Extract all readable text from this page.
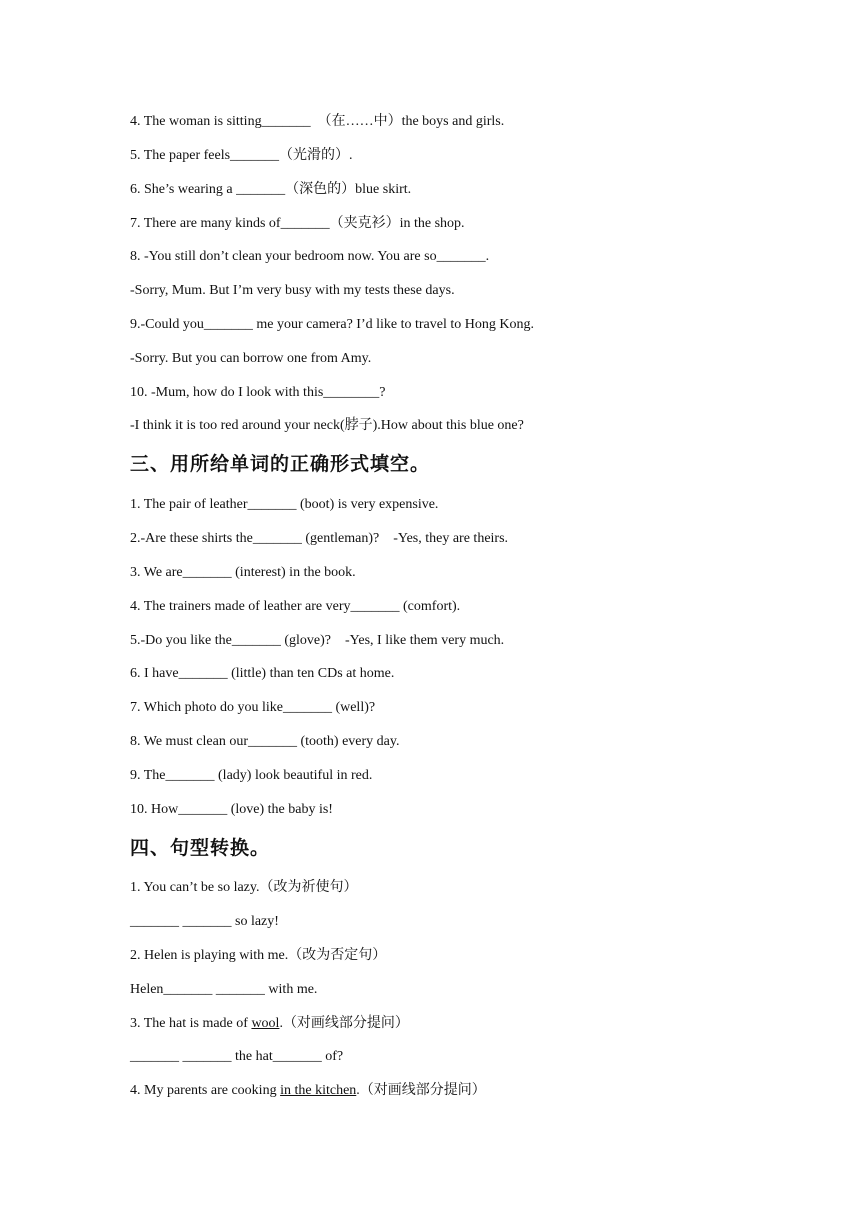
4. The woman is sitting_______  （在……中）the boys and girls.
5. The paper feels_______（光滑的）.
6. She’s wearing a _______（深色的）blue skirt.
7. There are many kinds of_______（夹克衫）in the shop.
8. -You still don’t clean your bedroom now. You are so_______.
-Sorry, Mum. But I’m very busy with my tests these days.
9.-Could you_______ me your camera? I’d like to travel to Hong Kong.
-Sorry. But you can borrow one from Amy.
10. -Mum, how do I look with this________?
-I think it is too red around your neck(脖子).How about this blue one?
三、用所给单词的正确形式填空。
1. The pair of leather_______ (boot) is very expensive.
2.-Are these shirts the_______ (gentleman)?    -Yes, they are theirs.
3. We are_______ (interest) in the book.
4. The trainers made of leather are very_______ (comfort).
5.-Do you like the_______ (glove)?    -Yes, I like them very much.
6. I have_______ (little) than ten CDs at home.
7. Which photo do you like_______ (well)?
8. We must clean our_______ (tooth) every day.
9. The_______ (lady) look beautiful in red.
10. How_______ (love) the baby is!
四、句型转换。
1. You can’t be so lazy.（改为祈使句）
_______ _______ so lazy!
2. Helen is playing with me.（改为否定句）
Helen_______ _______ with me.
3. The hat is made of wool.（对画线部分提问）
_______ _______ the hat_______ of?
4. My parents are cooking in the kitchen.（对画线部分提问）
